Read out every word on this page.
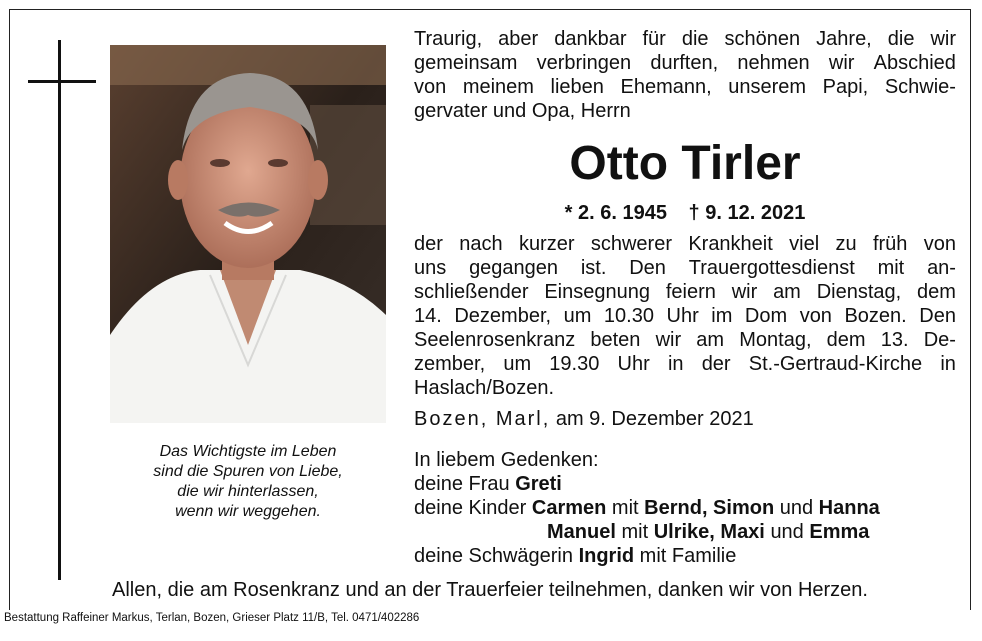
Das Wichtigste im Leben
sind die Spuren von Liebe,
die wir hinterlassen,
wenn wir weggehen.
Traurig, aber dankbar für die schönen Jahre, die wir
gemeinsam verbringen durften, nehmen wir Abschied
von meinem lieben Ehemann, unserem Papi, Schwie-
gervater und Opa, Herrn
Otto Tirler
* 2. 6. 1945 † 9. 12. 2021
der nach kurzer schwerer Krankheit viel zu früh von
uns gegangen ist. Den Trauergottesdienst mit an-
schließender Einsegnung feiern wir am Dienstag, dem
14. Dezember, um 10.30 Uhr im Dom von Bozen. Den
Seelenrosenkranz beten wir am Montag, dem 13. De-
zember, um 19.30 Uhr in der St.-Gertraud-Kirche in
Haslach/Bozen.
Bozen, Marl, am 9. Dezember 2021
In liebem Gedenken:
deine Frau Greti
deine Kinder Carmen mit Bernd, Simon und Hanna
Manuel mit Ulrike, Maxi und Emma
deine Schwägerin Ingrid mit Familie
Allen, die am Rosenkranz und an der Trauerfeier teilnehmen, danken wir von Herzen.
Bestattung Raffeiner Markus, Terlan, Bozen, Grieser Platz 11/B, Tel. 0471/402286
